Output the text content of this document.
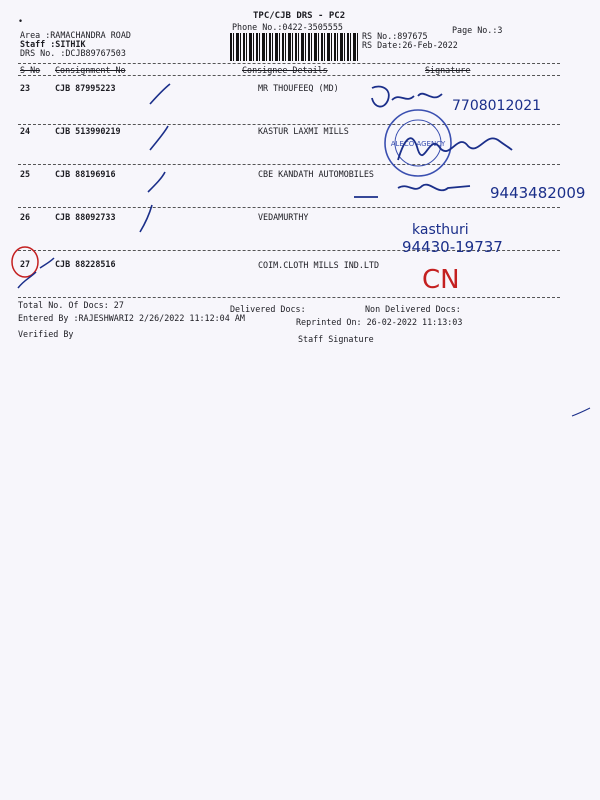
•	TPC/CJB DRS - PC2
Phone No.:0422-3505555	Page No.:3
Area :RAMACHANDRA ROAD
Staff :SITHIK
DRS No. :DCJB89767503
RS No.:897675
RS Date:26-Feb-2022
S No Consignment No	Consignee Details	Signature
23	CJB 87995223	MR THOUFEEQ (MD)
24	CJB 513990219	KASTUR LAXMI MILLS
25	CJB 88196916	CBE KANDATH AUTOMOBILES
26	CJB 88092733	VEDAMURTHY
27	CJB 88228516	COIM.CLOTH MILLS IND.LTD
Total No. Of Docs: 27	Delivered Docs:	Non Delivered Docs:
Entered By :RAJESHWARI2 2/26/2022 11:12:04 AM	Reprinted On: 26-02-2022 11:13:03
Verified By	Staff Signature
7708012021
ALECO AGENCY
9443482009
kasthuri
94430-19737
CN
